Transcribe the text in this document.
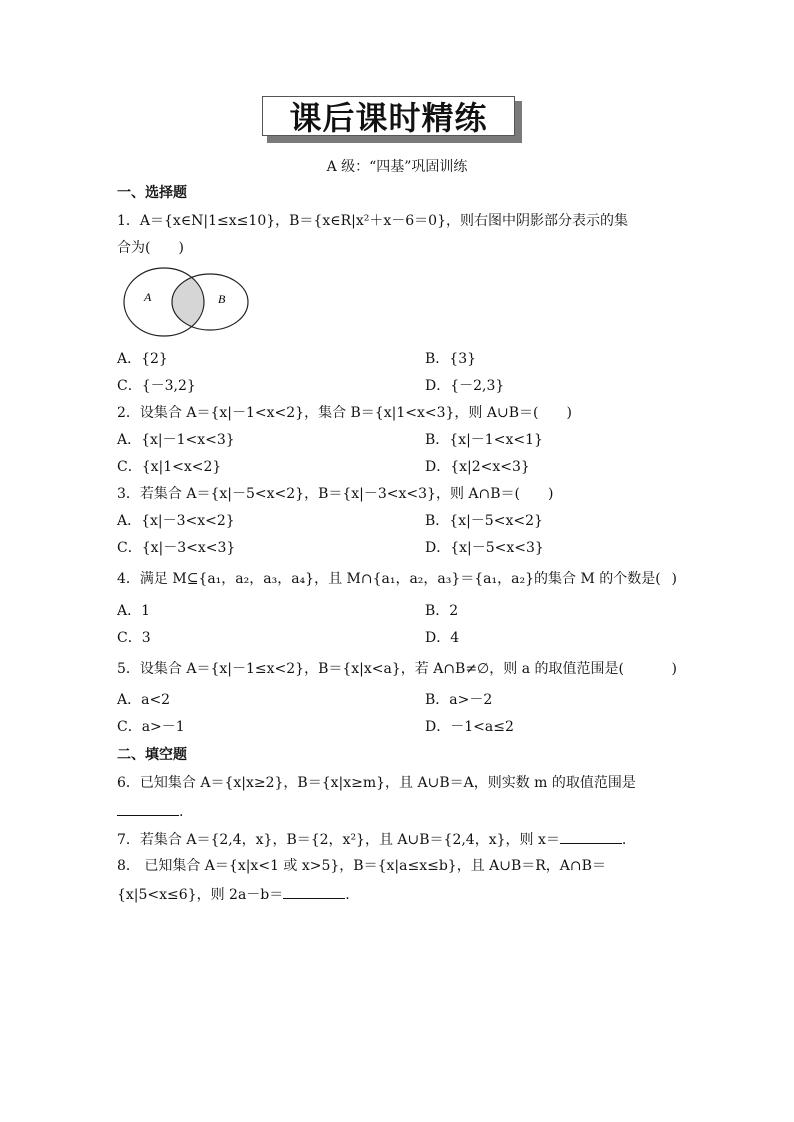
课后课时精练
A 级：“四基”巩固训练
一、选择题
1．A＝{x∈N|1≤x≤10}，B＝{x∈R|x²＋x－6＝0}，则右图中阴影部分表示的集
合为(　　)
A	B
A．{2}	B．{3}
C．{－3,2}	D．{－2,3}
2．设集合 A＝{x|－1<x<2}，集合 B＝{x|1<x<3}，则 A∪B＝(　　)
A．{x|－1<x<3}	B．{x|－1<x<1}
C．{x|1<x<2}	D．{x|2<x<3}
3．若集合 A＝{x|－5<x<2}，B＝{x|－3<x<3}，则 A∩B＝(　　)
A．{x|－3<x<2}	B．{x|－5<x<2}
C．{x|－3<x<3}	D．{x|－5<x<3}
4．满足 M⊆{a₁，a₂，a₃，a₄}，且 M∩{a₁，a₂，a₃}＝{a₁，a₂}的集合 M 的个数是( )
A．1	B．2
C．3	D．4
5．设集合 A＝{x|－1≤x<2}，B＝{x|x<a}，若 A∩B≠∅，则 a 的取值范围是(	)
A．a<2	B．a>－2
C．a>－1	D．－1<a≤2
二、填空题
6．已知集合 A＝{x|x≥2}，B＝{x|x≥m}，且 A∪B＝A，则实数 m 的取值范围是
.
7．若集合 A＝{2,4，x}，B＝{2，x²}，且 A∪B＝{2,4，x}，则 x＝	.
8． 已知集合 A＝{x|x<1 或 x>5}，B＝{x|a≤x≤b}，且 A∪B＝R，A∩B＝
{x|5<x≤6}，则 2a－b＝	.
